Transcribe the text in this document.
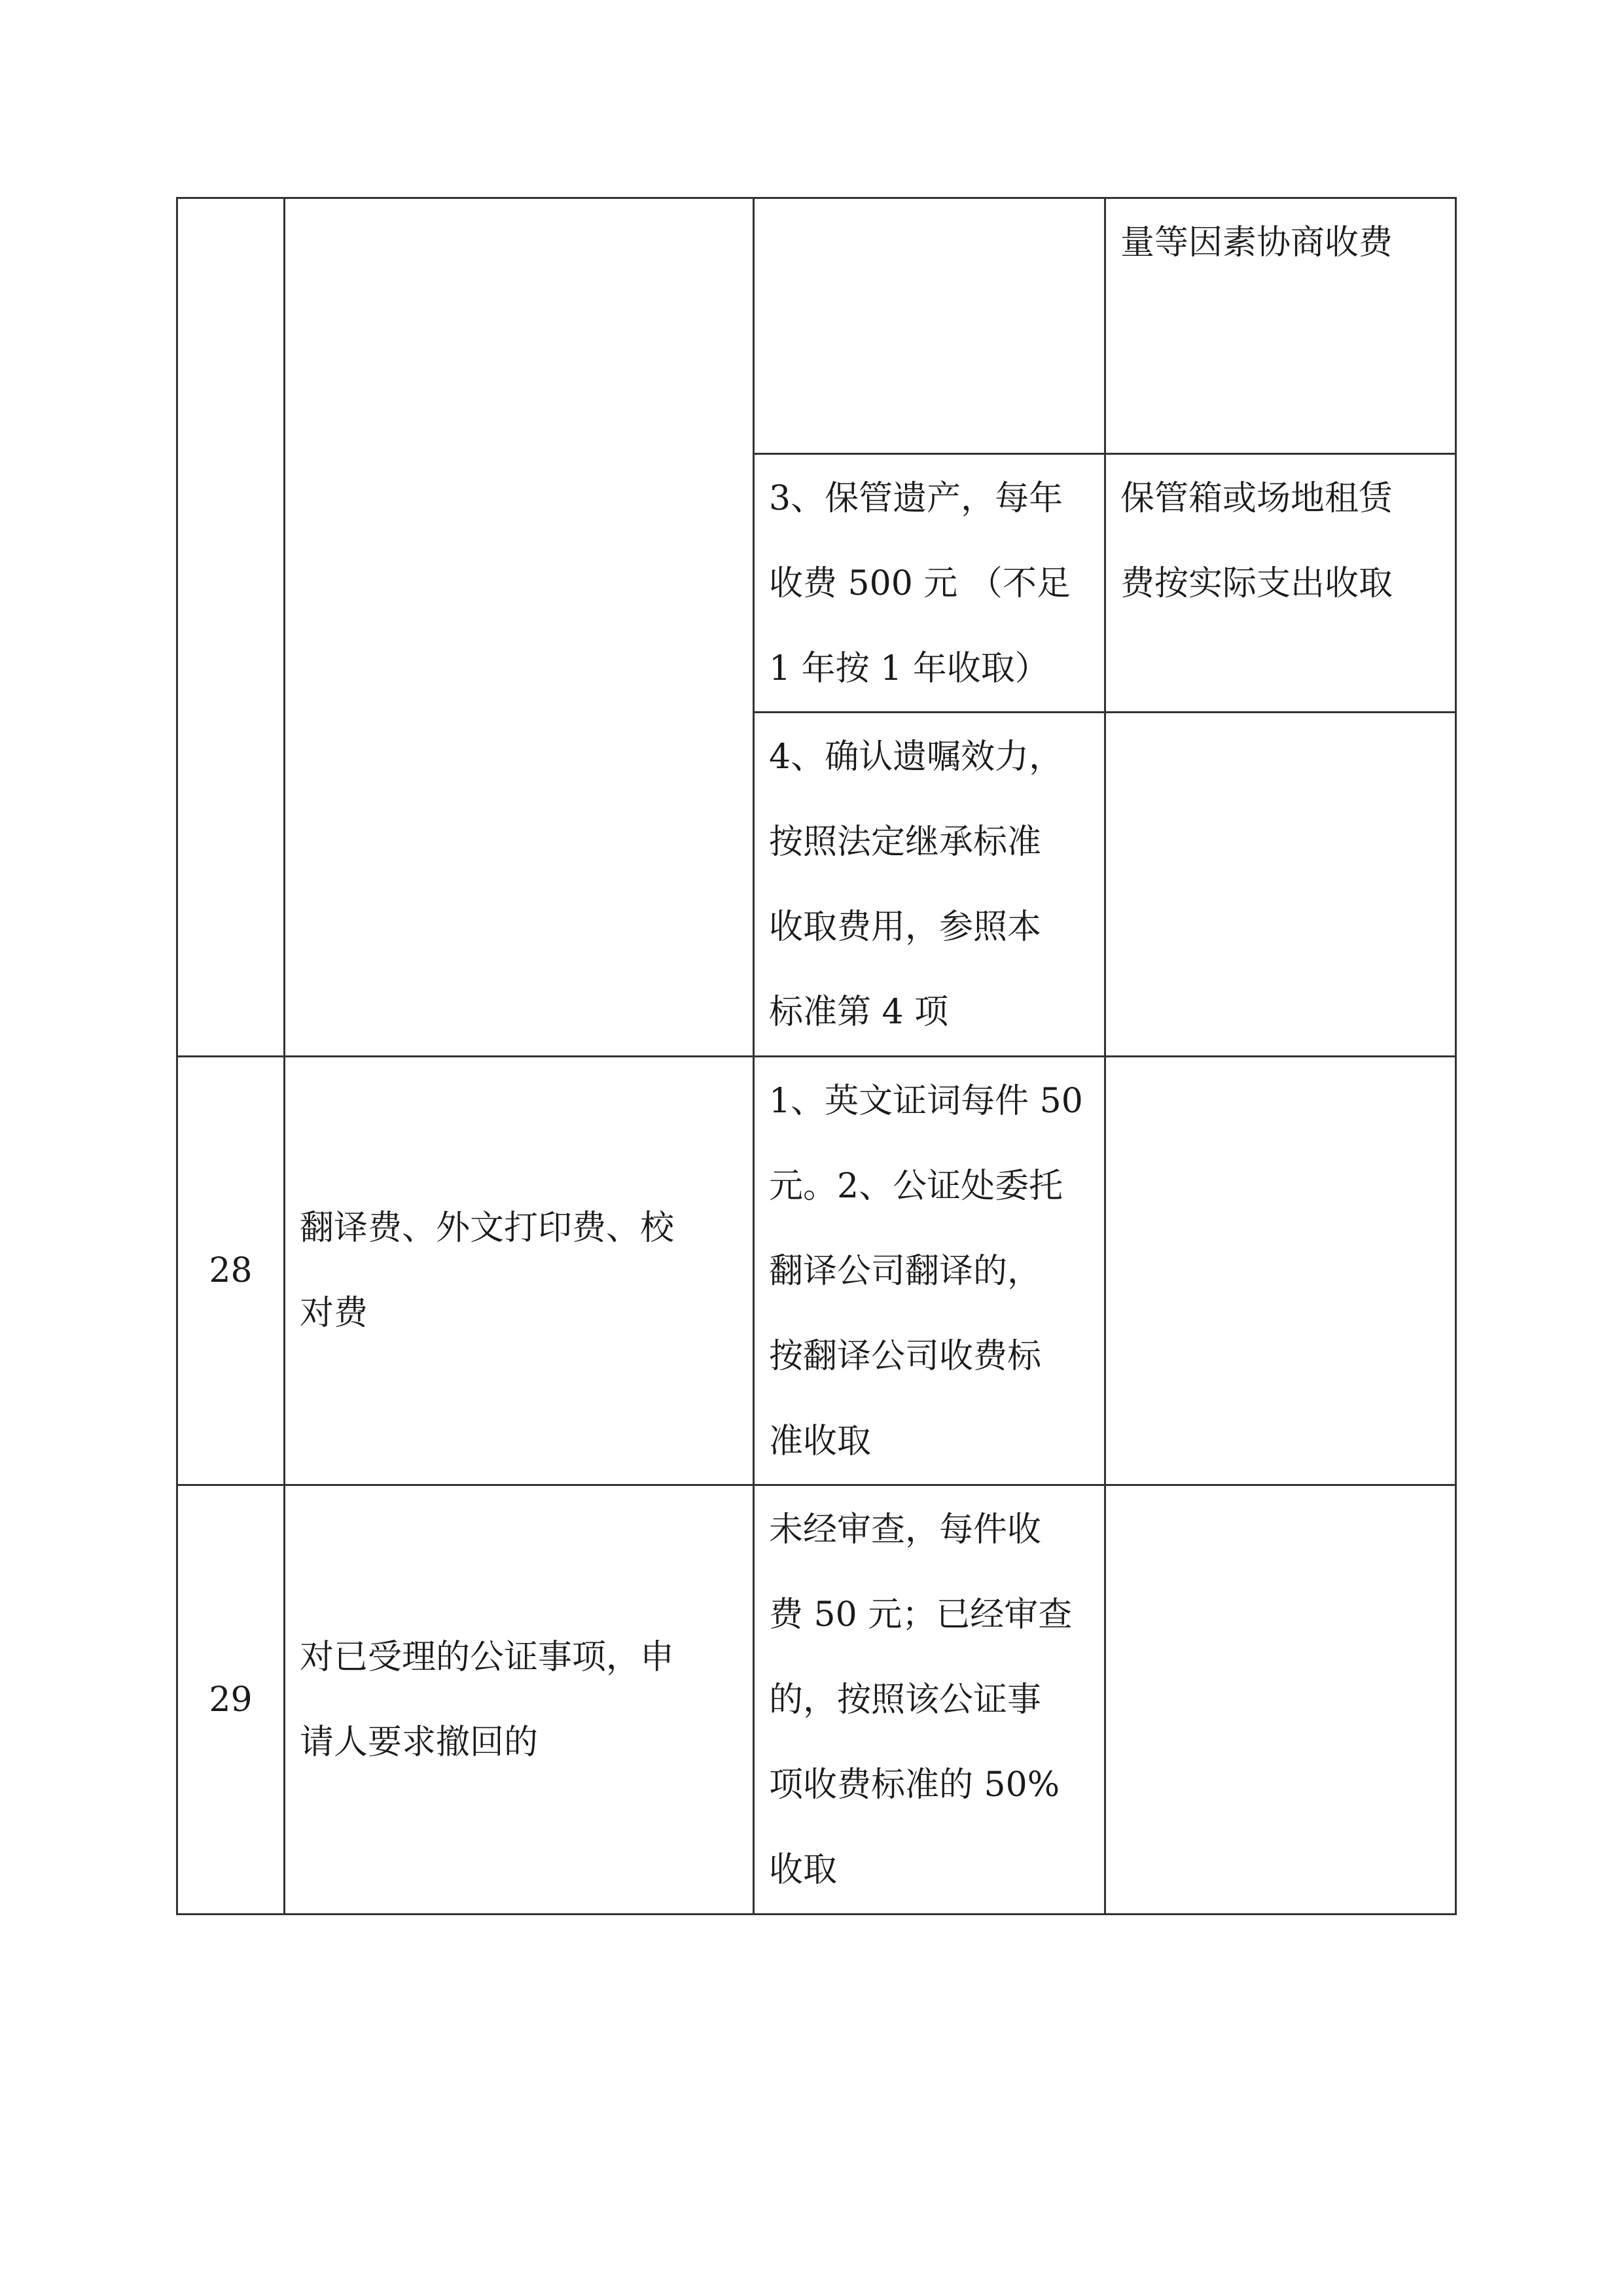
			量等因素协商收费

		3、保管遗产，每年
收费 500 元 （不足
1 年按 1 年收取）	保管箱或场地租赁
费按实际支出收取

		4、确认遗嘱效力，
按照法定继承标准
收取费用，参照本
标准第 4 项	

28	翻译费、外文打印费、校
对费	1、英文证词每件 50
元。2、公证处委托
翻译公司翻译的，
按翻译公司收费标
准收取	

29	对已受理的公证事项，申
请人要求撤回的	未经审查，每件收
费 50 元；已经审查
的，按照该公证事
项收费标准的 50%
收取	
